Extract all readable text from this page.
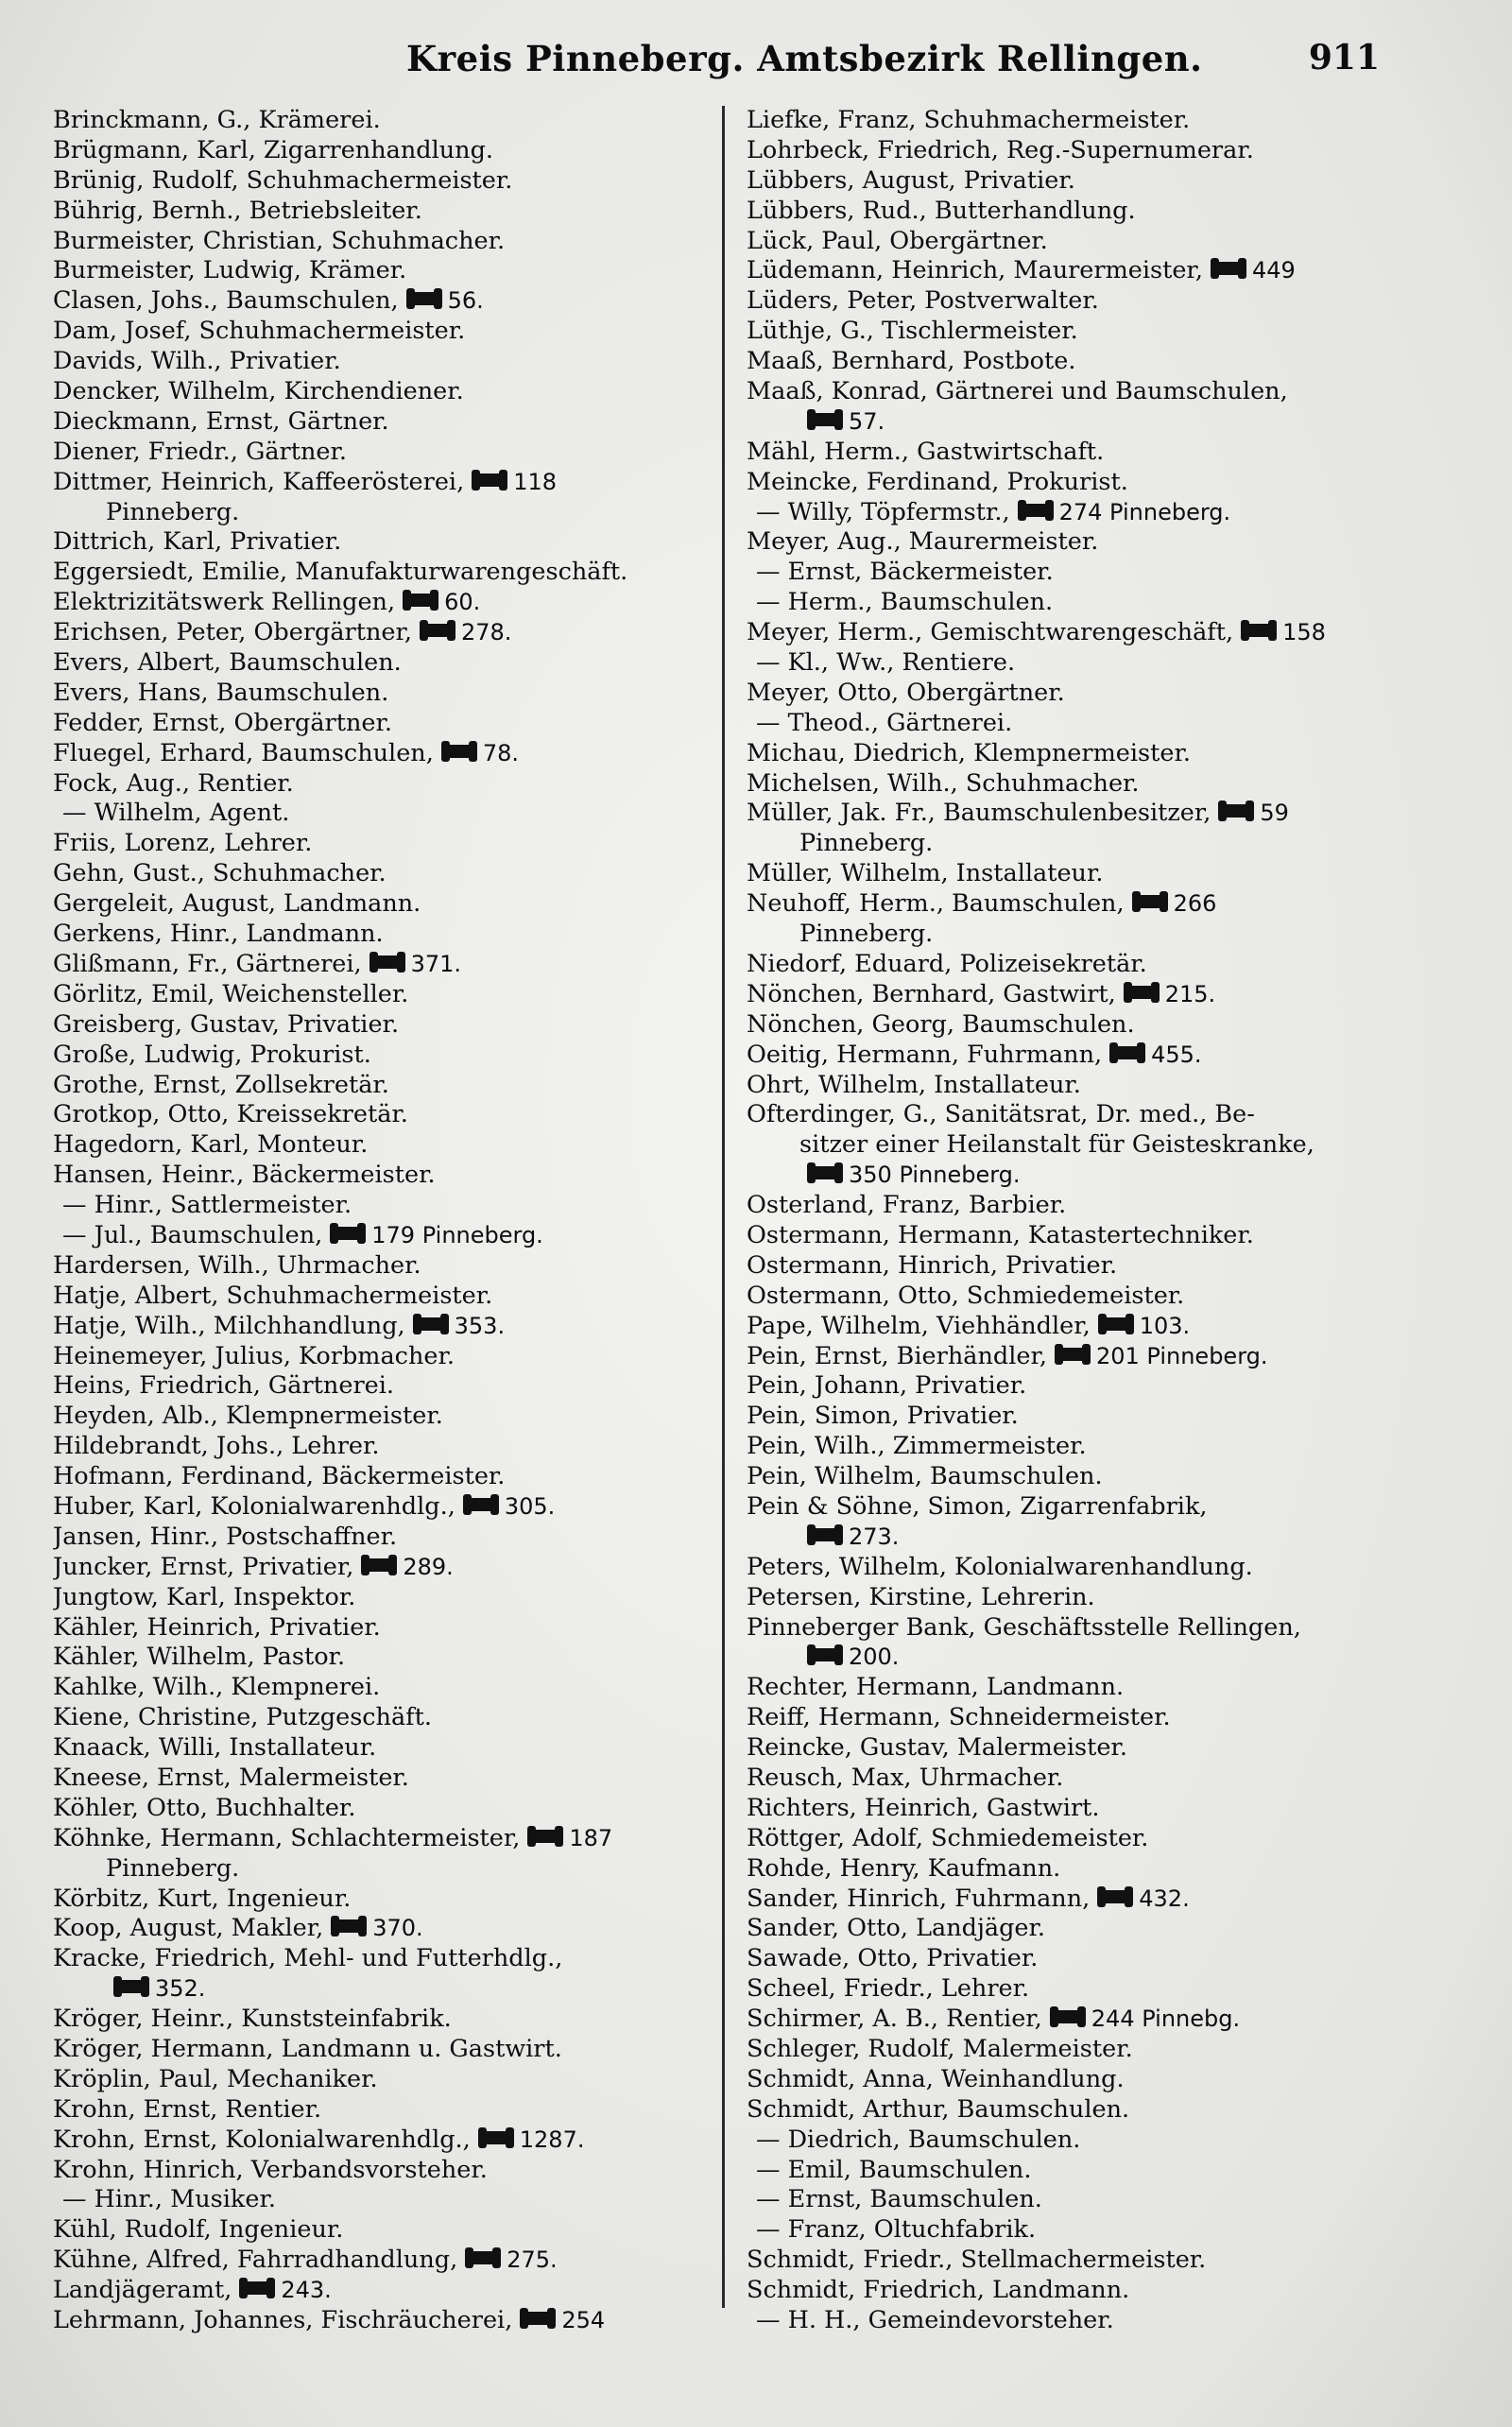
Kreis Pinneberg. Amtsbezirk Rellingen.	911
Brinckmann, G., Krämerei.
Brügmann, Karl, Zigarrenhandlung.
Brünig, Rudolf, Schuhmachermeister.
Bührig, Bernh., Betriebsleiter.
Burmeister, Christian, Schuhmacher.
Burmeister, Ludwig, Krämer.
Clasen, Johs., Baumschulen, 56.
Dam, Josef, Schuhmachermeister.
Davids, Wilh., Privatier.
Dencker, Wilhelm, Kirchendiener.
Dieckmann, Ernst, Gärtner.
Diener, Friedr., Gärtner.
Dittmer, Heinrich, Kaffeerösterei, 118
Pinneberg.
Dittrich, Karl, Privatier.
Eggersiedt, Emilie, Manufakturwarengeschäft.
Elektrizitätswerk Rellingen, 60.
Erichsen, Peter, Obergärtner, 278.
Evers, Albert, Baumschulen.
Evers, Hans, Baumschulen.
Fedder, Ernst, Obergärtner.
Fluegel, Erhard, Baumschulen, 78.
Fock, Aug., Rentier.
— Wilhelm, Agent.
Friis, Lorenz, Lehrer.
Gehn, Gust., Schuhmacher.
Gergeleit, August, Landmann.
Gerkens, Hinr., Landmann.
Glißmann, Fr., Gärtnerei, 371.
Görlitz, Emil, Weichensteller.
Greisberg, Gustav, Privatier.
Große, Ludwig, Prokurist.
Grothe, Ernst, Zollsekretär.
Grotkop, Otto, Kreissekretär.
Hagedorn, Karl, Monteur.
Hansen, Heinr., Bäckermeister.
— Hinr., Sattlermeister.
— Jul., Baumschulen, 179 Pinneberg.
Hardersen, Wilh., Uhrmacher.
Hatje, Albert, Schuhmachermeister.
Hatje, Wilh., Milchhandlung, 353.
Heinemeyer, Julius, Korbmacher.
Heins, Friedrich, Gärtnerei.
Heyden, Alb., Klempnermeister.
Hildebrandt, Johs., Lehrer.
Hofmann, Ferdinand, Bäckermeister.
Huber, Karl, Kolonialwarenhdlg., 305.
Jansen, Hinr., Postschaffner.
Juncker, Ernst, Privatier, 289.
Jungtow, Karl, Inspektor.
Kähler, Heinrich, Privatier.
Kähler, Wilhelm, Pastor.
Kahlke, Wilh., Klempnerei.
Kiene, Christine, Putzgeschäft.
Knaack, Willi, Installateur.
Kneese, Ernst, Malermeister.
Köhler, Otto, Buchhalter.
Köhnke, Hermann, Schlachtermeister, 187
Pinneberg.
Körbitz, Kurt, Ingenieur.
Koop, August, Makler, 370.
Kracke, Friedrich, Mehl- und Futterhdlg.,
352.
Kröger, Heinr., Kunststeinfabrik.
Kröger, Hermann, Landmann u. Gastwirt.
Kröplin, Paul, Mechaniker.
Krohn, Ernst, Rentier.
Krohn, Ernst, Kolonialwarenhdlg., 1287.
Krohn, Hinrich, Verbandsvorsteher.
— Hinr., Musiker.
Kühl, Rudolf, Ingenieur.
Kühne, Alfred, Fahrradhandlung, 275.
Landjägeramt, 243.
Lehrmann, Johannes, Fischräucherei, 254
Liefke, Franz, Schuhmachermeister.
Lohrbeck, Friedrich, Reg.-Supernumerar.
Lübbers, August, Privatier.
Lübbers, Rud., Butterhandlung.
Lück, Paul, Obergärtner.
Lüdemann, Heinrich, Maurermeister, 449
Lüders, Peter, Postverwalter.
Lüthje, G., Tischlermeister.
Maaß, Bernhard, Postbote.
Maaß, Konrad, Gärtnerei und Baumschulen,
57.
Mähl, Herm., Gastwirtschaft.
Meincke, Ferdinand, Prokurist.
— Willy, Töpfermstr., 274 Pinneberg.
Meyer, Aug., Maurermeister.
— Ernst, Bäckermeister.
— Herm., Baumschulen.
Meyer, Herm., Gemischtwarengeschäft, 158
— Kl., Ww., Rentiere.
Meyer, Otto, Obergärtner.
— Theod., Gärtnerei.
Michau, Diedrich, Klempnermeister.
Michelsen, Wilh., Schuhmacher.
Müller, Jak. Fr., Baumschulenbesitzer, 59
Pinneberg.
Müller, Wilhelm, Installateur.
Neuhoff, Herm., Baumschulen, 266
Pinneberg.
Niedorf, Eduard, Polizeisekretär.
Nönchen, Bernhard, Gastwirt, 215.
Nönchen, Georg, Baumschulen.
Oeitig, Hermann, Fuhrmann, 455.
Ohrt, Wilhelm, Installateur.
Ofterdinger, G., Sanitätsrat, Dr. med., Be-
sitzer einer Heilanstalt für Geisteskranke,
350 Pinneberg.
Osterland, Franz, Barbier.
Ostermann, Hermann, Katastertechniker.
Ostermann, Hinrich, Privatier.
Ostermann, Otto, Schmiedemeister.
Pape, Wilhelm, Viehhändler, 103.
Pein, Ernst, Bierhändler, 201 Pinneberg.
Pein, Johann, Privatier.
Pein, Simon, Privatier.
Pein, Wilh., Zimmermeister.
Pein, Wilhelm, Baumschulen.
Pein & Söhne, Simon, Zigarrenfabrik,
273.
Peters, Wilhelm, Kolonialwarenhandlung.
Petersen, Kirstine, Lehrerin.
Pinneberger Bank, Geschäftsstelle Rellingen,
200.
Rechter, Hermann, Landmann.
Reiff, Hermann, Schneidermeister.
Reincke, Gustav, Malermeister.
Reusch, Max, Uhrmacher.
Richters, Heinrich, Gastwirt.
Röttger, Adolf, Schmiedemeister.
Rohde, Henry, Kaufmann.
Sander, Hinrich, Fuhrmann, 432.
Sander, Otto, Landjäger.
Sawade, Otto, Privatier.
Scheel, Friedr., Lehrer.
Schirmer, A. B., Rentier, 244 Pinnebg.
Schleger, Rudolf, Malermeister.
Schmidt, Anna, Weinhandlung.
Schmidt, Arthur, Baumschulen.
— Diedrich, Baumschulen.
— Emil, Baumschulen.
— Ernst, Baumschulen.
— Franz, Oltuchfabrik.
Schmidt, Friedr., Stellmachermeister.
Schmidt, Friedrich, Landmann.
— H. H., Gemeindevorsteher.
